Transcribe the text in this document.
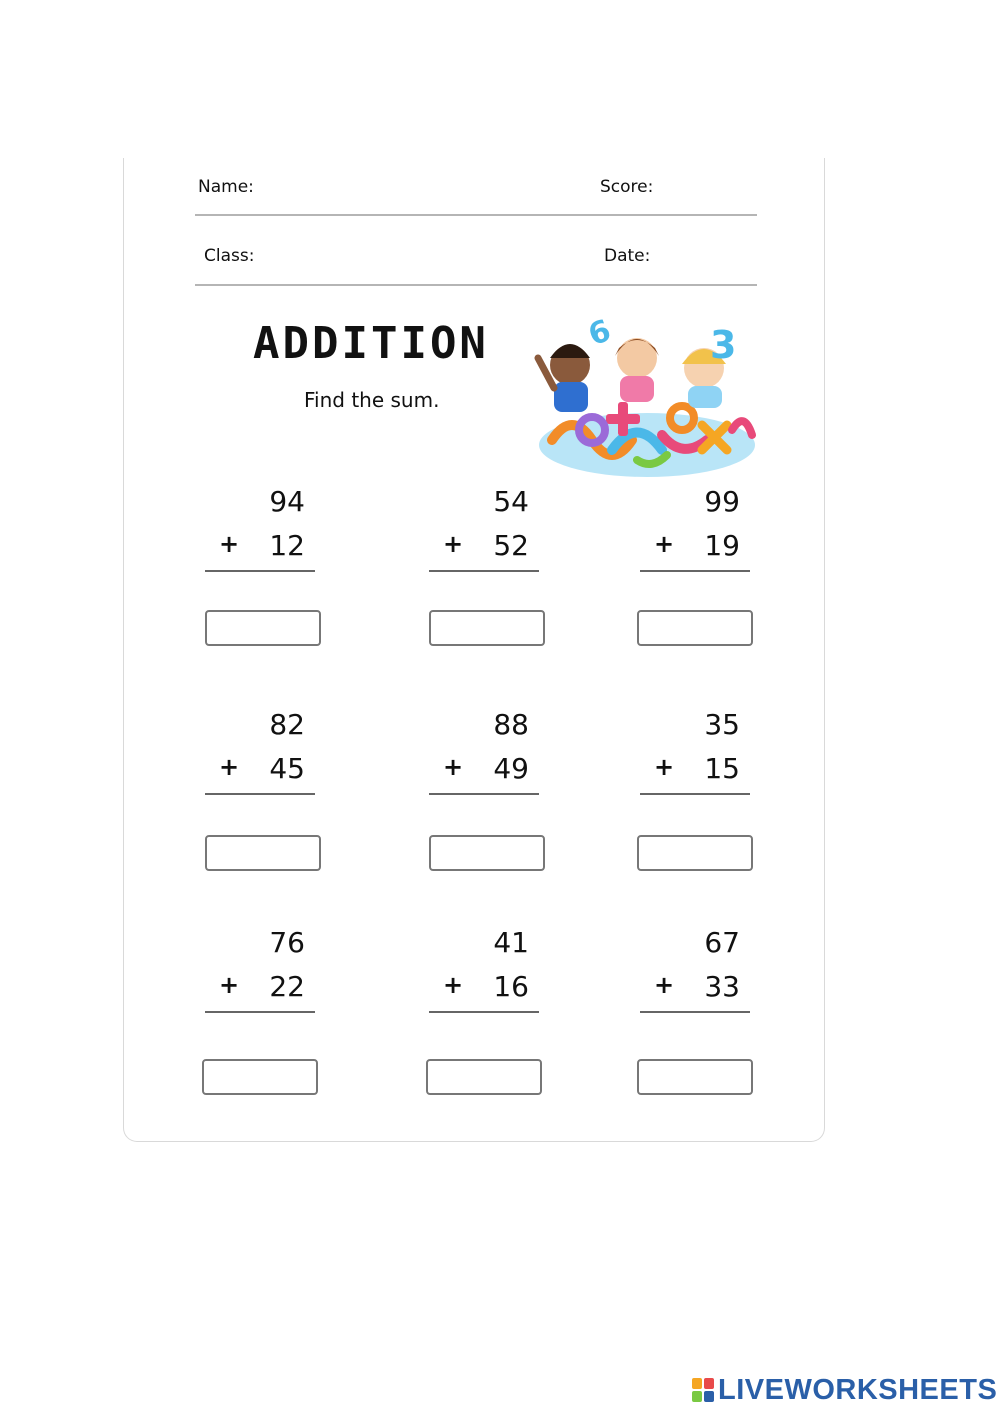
Name:	Score:
Class:	Date:
ADDITION
Find the sum.
6 3
94
+ 12
54
+ 52
99
+ 19
82
+ 45
88
+ 49
35
+ 15
76
+ 22
41
+ 16
67
+ 33
LIVEWORKSHEETS
